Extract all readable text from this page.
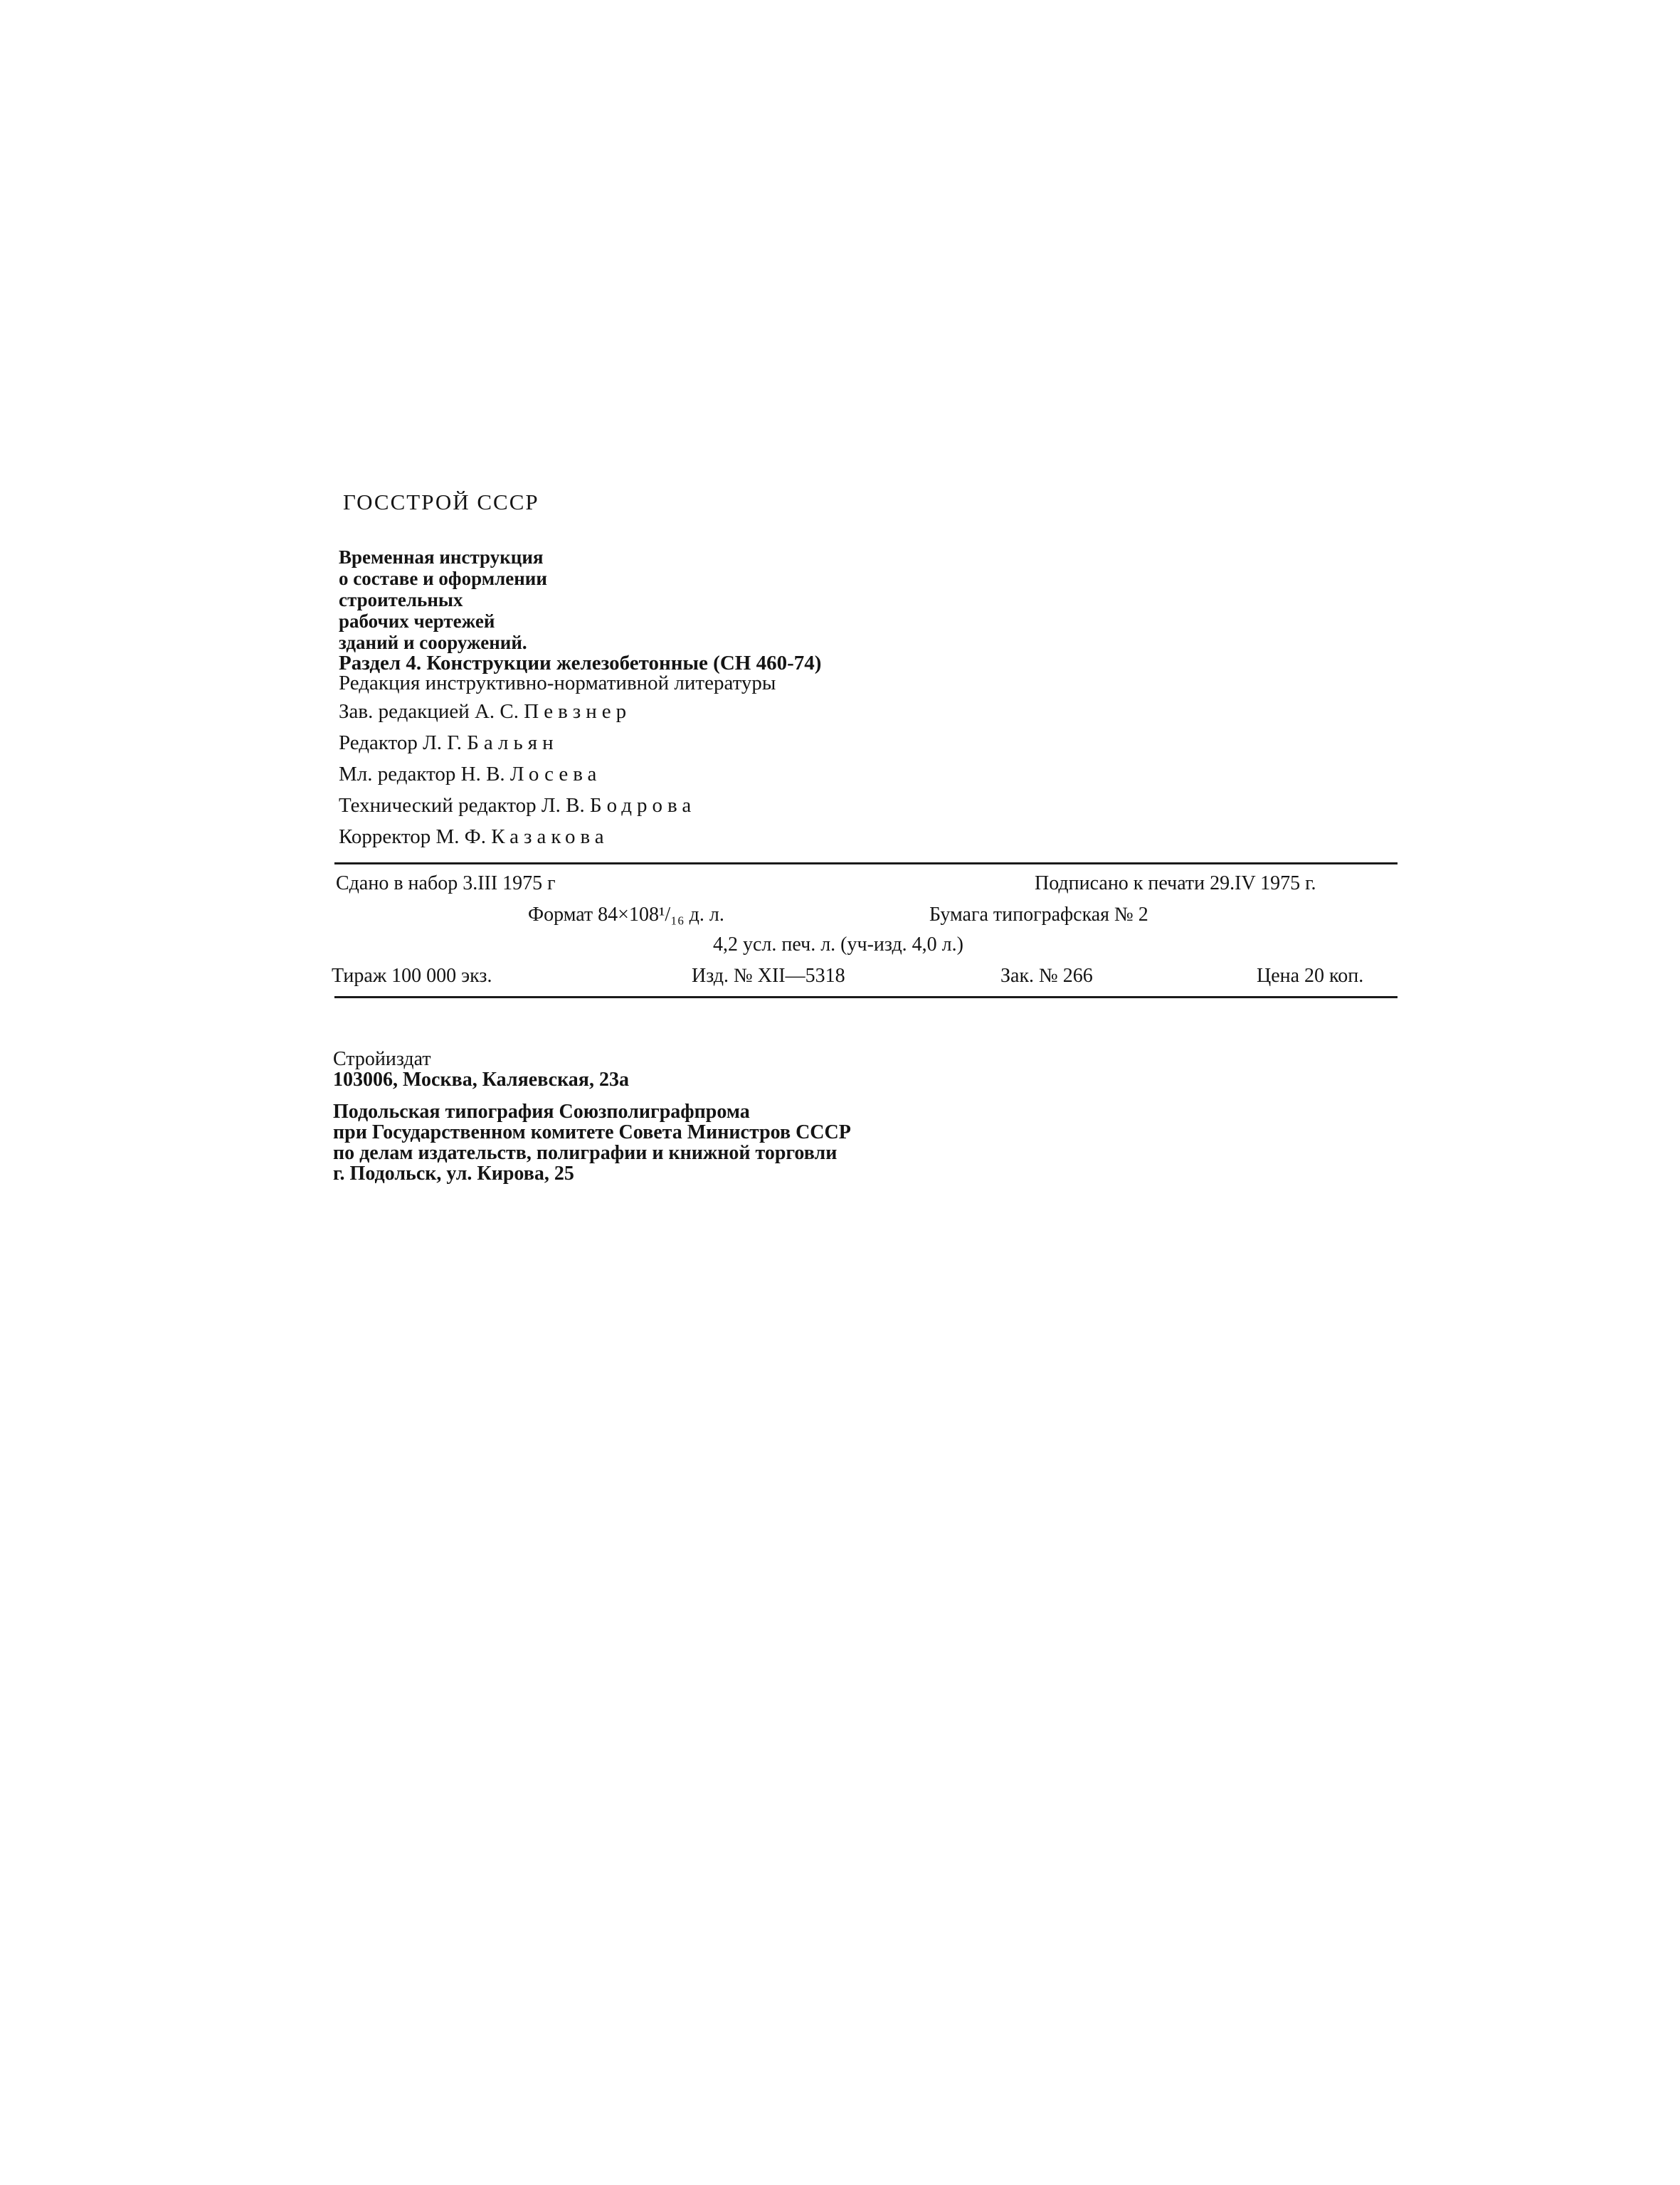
ГОССТРОЙ СССР
Временная инструкция
о составе и оформлении
строительных
рабочих чертежей
зданий и сооружений.
Раздел 4. Конструкции железобетонные (СН 460-74)
Редакция инструктивно-нормативной литературы
Зав. редакцией А. С. Певзнер
Редактор Л. Г. Бальян
Мл. редактор Н. В. Лосева
Технический редактор Л. В. Бодрова
Корректор М. Ф. Казакова
Сдано в набор 3.III 1975 г	Подписано к печати 29.IV 1975 г.
Формат 84×108¹/₁₆ д. л.	Бумага типографская № 2
4,2 усл. печ. л. (уч-изд. 4,0 л.)
Тираж 100 000 экз.	Изд. № XII—5318	Зак. № 266	Цена 20 коп.
Стройиздат
103006, Москва, Каляевская, 23а
Подольская типография Союзполиграфпрома
при Государственном комитете Совета Министров СССР
по делам издательств, полиграфии и книжной торговли
г. Подольск, ул. Кирова, 25
